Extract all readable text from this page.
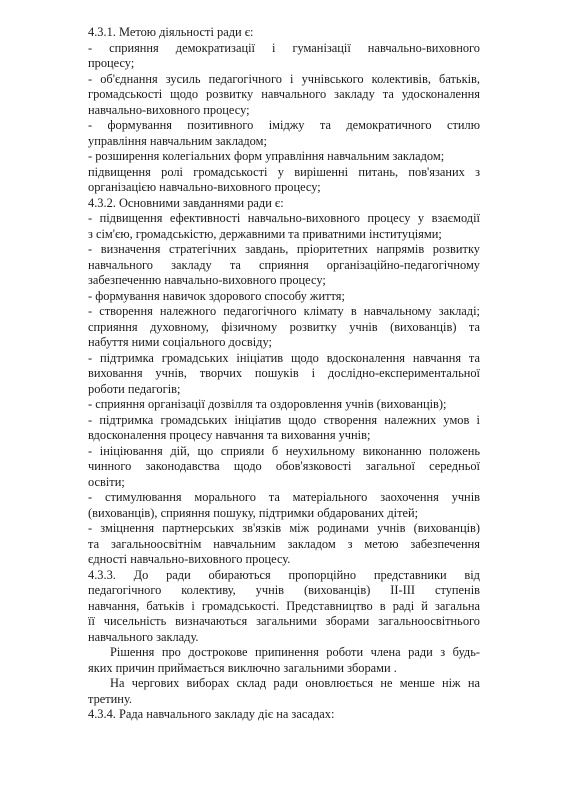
4.3.1. Метою діяльності ради є:
- сприяння демократизації і гуманізації навчально-виховного
процесу;
- об'єднання зусиль педагогічного і учнівського колективів, батьків,
громадськості щодо розвитку навчального закладу та удосконалення
навчально-виховного процесу;
- формування позитивного іміджу та демократичного стилю
управління навчальним закладом;
- розширення колегіальних форм управління навчальним закладом;
підвищення ролі громадськості у вирішенні питань, пов'язаних з
організацією навчально-виховного процесу;
4.3.2. Основними завданнями ради є:
- підвищення ефективності навчально-виховного процесу у взаємодії
з сім'єю, громадськістю, державними та приватними інституціями;
- визначення стратегічних завдань, пріоритетних напрямів розвитку
навчального закладу та сприяння організаційно-педагогічному
забезпеченню навчально-виховного процесу;
- формування навичок здорового способу життя;
- створення належного педагогічного клімату в навчальному закладі;
сприяння духовному, фізичному розвитку учнів (вихованців) та
набуття ними соціального досвіду;
- підтримка громадських ініціатив щодо вдосконалення навчання та
виховання учнів, творчих пошуків і дослідно-експериментальної
роботи педагогів;
- сприяння організації дозвілля та оздоровлення учнів (вихованців);
- підтримка громадських ініціатив щодо створення належних умов і
вдосконалення процесу навчання та виховання учнів;
- ініціювання дій, що сприяли б неухильному виконанню положень
чинного законодавства щодо обов'язковості загальної середньої
освіти;
- стимулювання морального та матеріального заохочення учнів
(вихованців), сприяння пошуку, підтримки обдарованих дітей;
- зміцнення партнерських зв'язків між родинами учнів (вихованців)
та загальноосвітнім навчальним закладом з метою забезпечення
єдності навчально-виховного процесу.
4.3.3. До ради обираються пропорційно представники від
педагогічного колективу, учнів (вихованців) II-III ступенів
навчання, батьків і громадськості. Представництво в раді й загальна
її чисельність визначаються загальними зборами загальноосвітнього
навчального закладу.
Рішення про дострокове припинення роботи члена ради з будь-
яких причин приймається виключно загальними зборами .
На чергових виборах склад ради оновлюється не менше ніж на
третину.
4.3.4. Рада навчального закладу діє на засадах:
